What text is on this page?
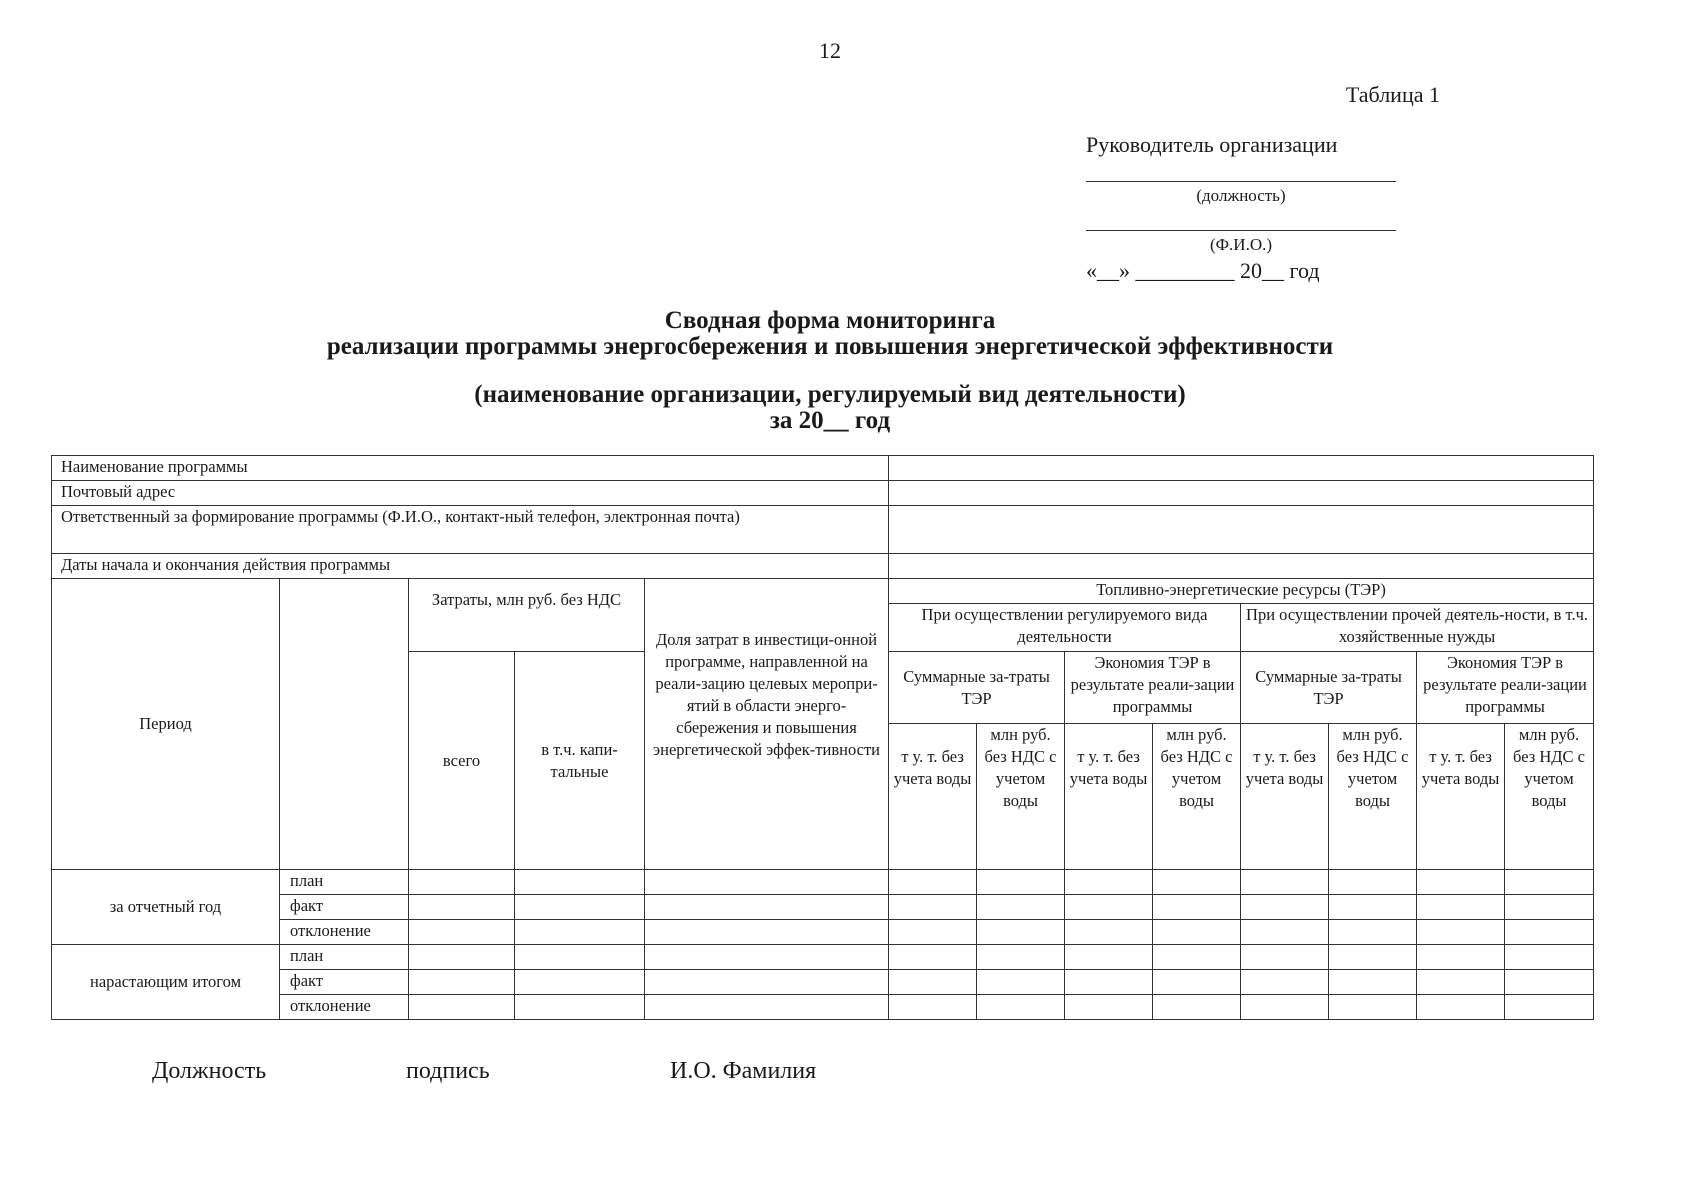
12
Таблица 1
Руководитель организации
(должность)
(Ф.И.О.)
«__» _________ 20__ год
Сводная форма мониторинга
реализации программы энергосбережения и повышения энергетической эффективности
(наименование организации, регулируемый вид деятельности)
за 20__ год
Наименование программы												
Почтовый адрес												
Ответственный за формирование программы (Ф.И.О., контакт-ный телефон, электронная почта)												
Даты начала и окончания действия программы												
Период		Затраты, млн руб. без НДС		Доля затрат в инвестици-онной программе, направленной на реали-зацию целевых меропри-ятий в области энерго-сбережения и повышения энергетической эффек-тивности	Топливно-энергетические ресурсы (ТЭР)							
					При осуществлении регулируемого вида деятельности				При осуществлении прочей деятель-ности, в т.ч. хозяйственные нужды			
					Суммарные за-траты ТЭР		Экономия ТЭР в результате реали-зации программы		Суммарные за-траты ТЭР		Экономия ТЭР в результате реали-зации программы	
		всего	в т.ч. капи-тальные									
					т у. т. без учета воды	млн руб. без НДС с учетом воды	т у. т. без учета воды	млн руб. без НДС с учетом воды	т у. т. без учета воды	млн руб. без НДС с учетом воды	т у. т. без учета воды	млн руб. без НДС с учетом воды
за отчетный год	план											
	факт											
	отклонение											
нарастающим итогом	план											
	факт											
	отклонение											
Должность	подпись	И.О. Фамилия
